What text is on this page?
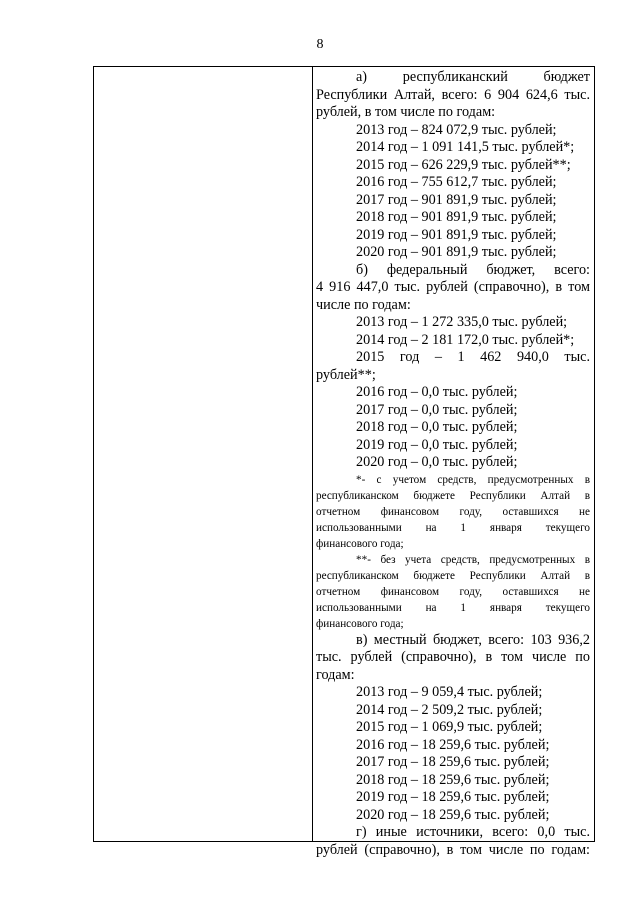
8
а) республиканский бюджет
Республики Алтай, всего: 6 904 624,6 тыс.
рублей, в том числе по годам:
2013 год – 824 072,9 тыс. рублей;
2014 год – 1 091 141,5 тыс. рублей*;
2015 год – 626 229,9 тыс. рублей**;
2016 год – 755 612,7 тыс. рублей;
2017 год – 901 891,9 тыс. рублей;
2018 год – 901 891,9 тыс. рублей;
2019 год – 901 891,9 тыс. рублей;
2020 год – 901 891,9 тыс. рублей;
б) федеральный бюджет, всего:
4 916 447,0 тыс. рублей (справочно), в том
числе по годам:
2013 год – 1 272 335,0 тыс. рублей;
2014 год – 2 181 172,0 тыс. рублей*;
2015 год – 1 462 940,0 тыс.
рублей**;
2016 год – 0,0 тыс. рублей;
2017 год – 0,0 тыс. рублей;
2018 год – 0,0 тыс. рублей;
2019 год – 0,0 тыс. рублей;
2020 год – 0,0 тыс. рублей;
*- с учетом средств, предусмотренных в
республиканском бюджете Республики Алтай в
отчетном финансовом году, оставшихся не
использованными на 1 января текущего
финансового года;
**- без учета средств, предусмотренных в
республиканском бюджете Республики Алтай в
отчетном финансовом году, оставшихся не
использованными на 1 января текущего
финансового года;
в) местный бюджет, всего: 103 936,2
тыс. рублей (справочно), в том числе по
годам:
2013 год – 9 059,4 тыс. рублей;
2014 год – 2 509,2 тыс. рублей;
2015 год – 1 069,9 тыс. рублей;
2016 год – 18 259,6 тыс. рублей;
2017 год – 18 259,6 тыс. рублей;
2018 год – 18 259,6 тыс. рублей;
2019 год – 18 259,6 тыс. рублей;
2020 год – 18 259,6 тыс. рублей;
г) иные источники, всего: 0,0 тыс.
рублей (справочно), в том числе по годам:
